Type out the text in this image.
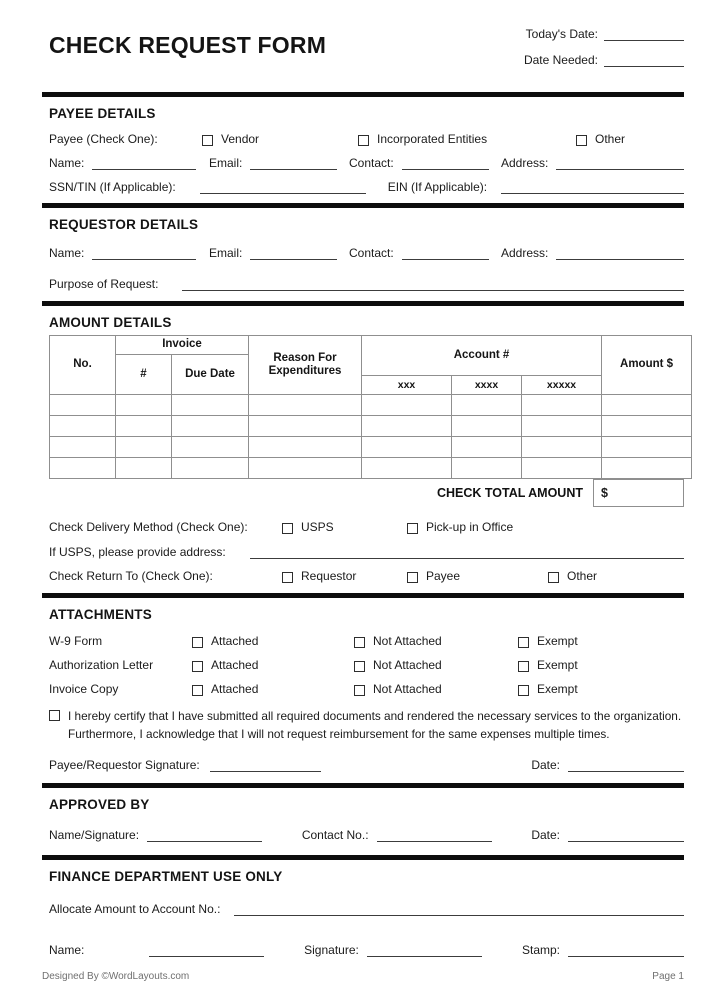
CHECK REQUEST FORM	Today's Date:
Date Needed:
PAYEE DETAILS
Payee (Check One):	Vendor	Incorporated Entities	Other
Name:	Email:	Contact:	Address:
SSN/TIN (If Applicable):	EIN (If Applicable):
REQUESTOR DETAILS
Name:	Email:	Contact:	Address:
Purpose of Request:
AMOUNT DETAILS
No.	Invoice		Reason For Expenditures	Account #			Amount $
	#	Due Date					
				xxx	xxxx	xxxxx	

CHECK TOTAL AMOUNT	$
Check Delivery Method (Check One):	USPS	Pick-up in Office
If USPS, please provide address:
Check Return To (Check One):	Requestor	Payee	Other
ATTACHMENTS
W-9 Form	Attached	Not Attached	Exempt
Authorization Letter	Attached	Not Attached	Exempt
Invoice Copy	Attached	Not Attached	Exempt
I hereby certify that I have submitted all required documents and rendered the necessary services to the organization. Furthermore, I acknowledge that I will not request reimbursement for the same expenses multiple times.
Payee/Requestor Signature:	Date:
APPROVED BY
Name/Signature:	Contact No.:	Date:
FINANCE DEPARTMENT USE ONLY
Allocate Amount to Account No.:
Name:	Signature:	Stamp:
Designed By ©WordLayouts.com	Page 1
